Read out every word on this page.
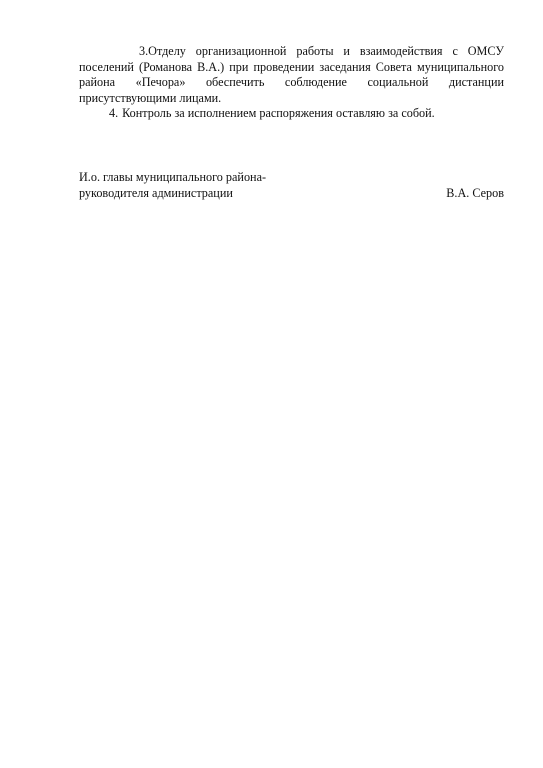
3.Отделу организационной работы и взаимодействия с ОМСУ поселений (Романова В.А.) при проведении заседания Совета муниципального района «Печора» обеспечить соблюдение социальной дистанции присутствующими лицами.

4. Контроль за исполнением распоряжения оставляю за собой.

И.о. главы муниципального района-
руководителя администрации	В.А. Серов
